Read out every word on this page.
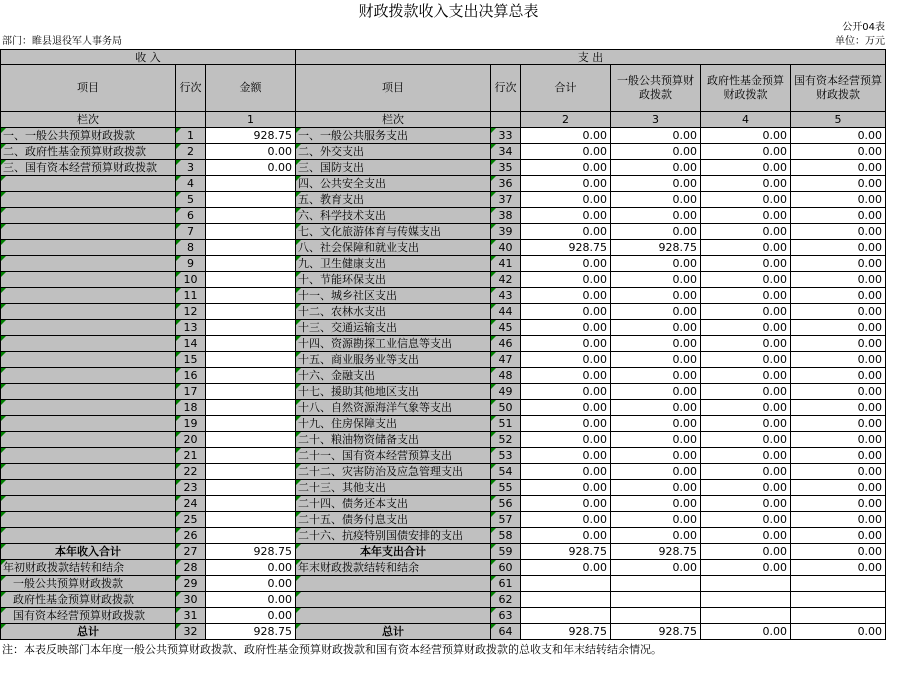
财政拨款收入支出决算总表
公开04表
部门：睢县退役军人事务局	单位：万元
收 入			支 出					
项目	行次	金额	项目	行次	合计	一般公共预算财政拨款	政府性基金预算财政拨款	国有资本经营预算财政拨款
栏次		1	栏次		2	3	4	5
一、一般公共预算财政拨款	1	928.75	一、一般公共服务支出	33	0.00	0.00	0.00	0.00
二、政府性基金预算财政拨款	2	0.00	二、外交支出	34	0.00	0.00	0.00	0.00
三、国有资本经营预算财政拨款	3	0.00	三、国防支出	35	0.00	0.00	0.00	0.00
	4		四、公共安全支出	36	0.00	0.00	0.00	0.00
	5		五、教育支出	37	0.00	0.00	0.00	0.00
	6		六、科学技术支出	38	0.00	0.00	0.00	0.00
	7		七、文化旅游体育与传媒支出	39	0.00	0.00	0.00	0.00
	8		八、社会保障和就业支出	40	928.75	928.75	0.00	0.00
	9		九、卫生健康支出	41	0.00	0.00	0.00	0.00
	10		十、节能环保支出	42	0.00	0.00	0.00	0.00
	11		十一、城乡社区支出	43	0.00	0.00	0.00	0.00
	12		十二、农林水支出	44	0.00	0.00	0.00	0.00
	13		十三、交通运输支出	45	0.00	0.00	0.00	0.00
	14		十四、资源勘探工业信息等支出	46	0.00	0.00	0.00	0.00
	15		十五、商业服务业等支出	47	0.00	0.00	0.00	0.00
	16		十六、金融支出	48	0.00	0.00	0.00	0.00
	17		十七、援助其他地区支出	49	0.00	0.00	0.00	0.00
	18		十八、自然资源海洋气象等支出	50	0.00	0.00	0.00	0.00
	19		十九、住房保障支出	51	0.00	0.00	0.00	0.00
	20		二十、粮油物资储备支出	52	0.00	0.00	0.00	0.00
	21		二十一、国有资本经营预算支出	53	0.00	0.00	0.00	0.00
	22		二十二、灾害防治及应急管理支出	54	0.00	0.00	0.00	0.00
	23		二十三、其他支出	55	0.00	0.00	0.00	0.00
	24		二十四、债务还本支出	56	0.00	0.00	0.00	0.00
	25		二十五、债务付息支出	57	0.00	0.00	0.00	0.00
	26		二十六、抗疫特别国债安排的支出	58	0.00	0.00	0.00	0.00
本年收入合计	27	928.75	本年支出合计	59	928.75	928.75	0.00	0.00
年初财政拨款结转和结余	28	0.00	年末财政拨款结转和结余	60	0.00	0.00	0.00	0.00
一般公共预算财政拨款	29	0.00		61				
政府性基金预算财政拨款	30	0.00		62				
国有资本经营预算财政拨款	31	0.00		63				
总计	32	928.75	总计	64	928.75	928.75	0.00	0.00
注：本表反映部门本年度一般公共预算财政拨款、政府性基金预算财政拨款和国有资本经营预算财政拨款的总收支和年末结转结余情况。
